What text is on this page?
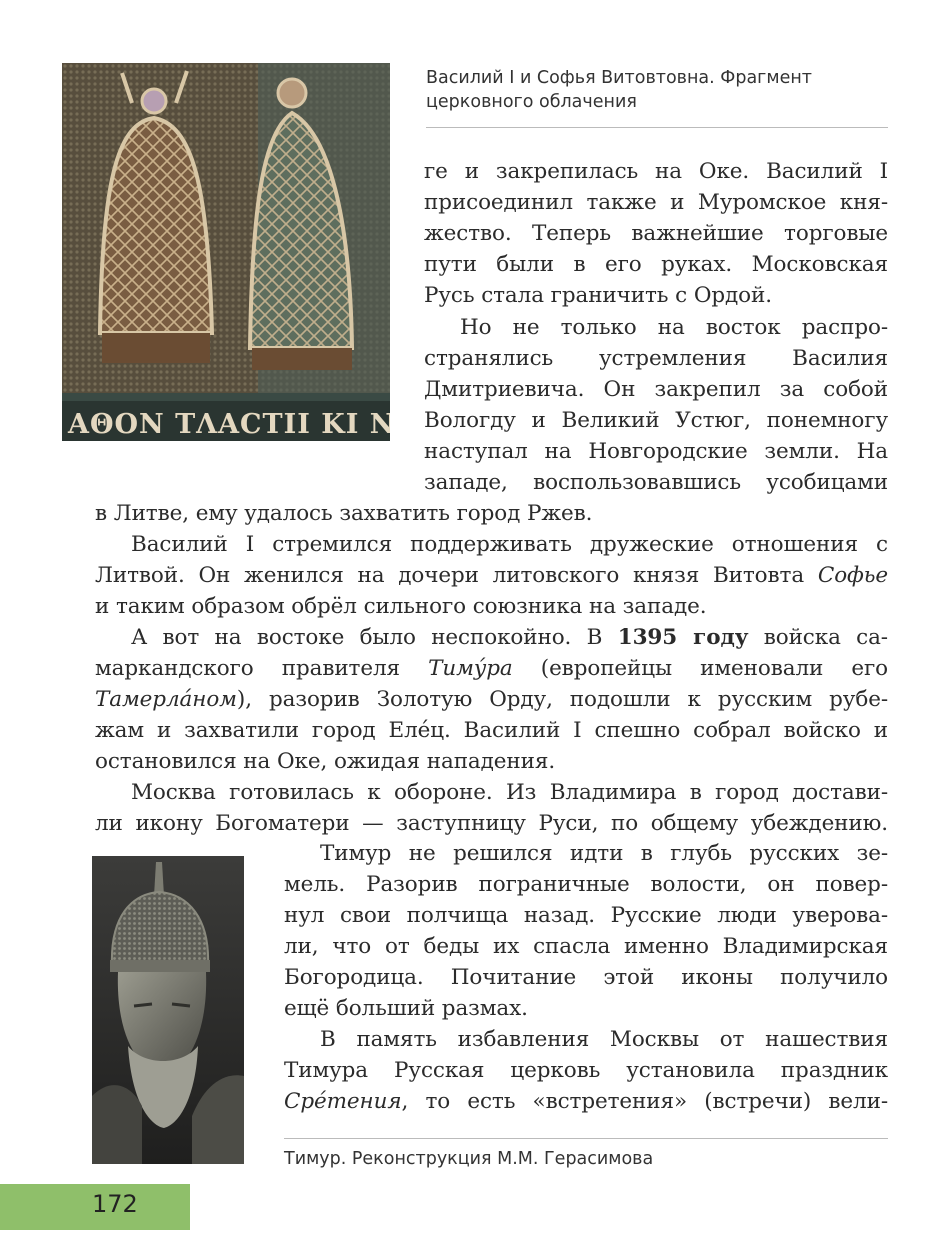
ΑΘΟΝ ΤΛΑCΤΙΙ ΚΙ ΝΚ
Василий I и Софья Витовтовна. Фрагмент церковного облачения
ге и закрепилась на Оке. Василий I
присоединил также и Муромское кня-
жество. Теперь важнейшие торговые
пути были в его руках. Московская
Русь стала граничить с Ордой.
Но не только на восток распро-
странялись устремления Василия
Дмитриевича. Он закрепил за собой
Вологду и Великий Устюг, понемногу
наступал на Новгородские земли. На
западе, воспользовавшись усобицами
в Литве, ему удалось захватить город Ржев.
Василий I стремился поддерживать дружеские отношения с
Литвой. Он женился на дочери литовского князя Витовта Софье
и таким образом обрёл сильного союзника на западе.
А вот на востоке было неспокойно. В 1395 году войска са-
маркандского правителя Тиму́ра (европейцы именовали его
Тамерла́ном), разорив Золотую Орду, подошли к русским рубе-
жам и захватили город Еле́ц. Василий I спешно собрал войско и
остановился на Оке, ожидая нападения.
Москва готовилась к обороне. Из Владимира в город достави-
ли икону Богоматери — заступницу Руси, по общему убеждению.
Тимур не решился идти в глубь русских зе-
мель. Разорив пограничные волости, он повер-
нул свои полчища назад. Русские люди уверова-
ли, что от беды их спасла именно Владимирская
Богородица. Почитание этой иконы получило
ещё больший размах.
В память избавления Москвы от нашествия
Тимура Русская церковь установила праздник
Сре́тения, то есть «встретения» (встречи) вели-
Тимур. Реконструкция М.М. Герасимова
172
